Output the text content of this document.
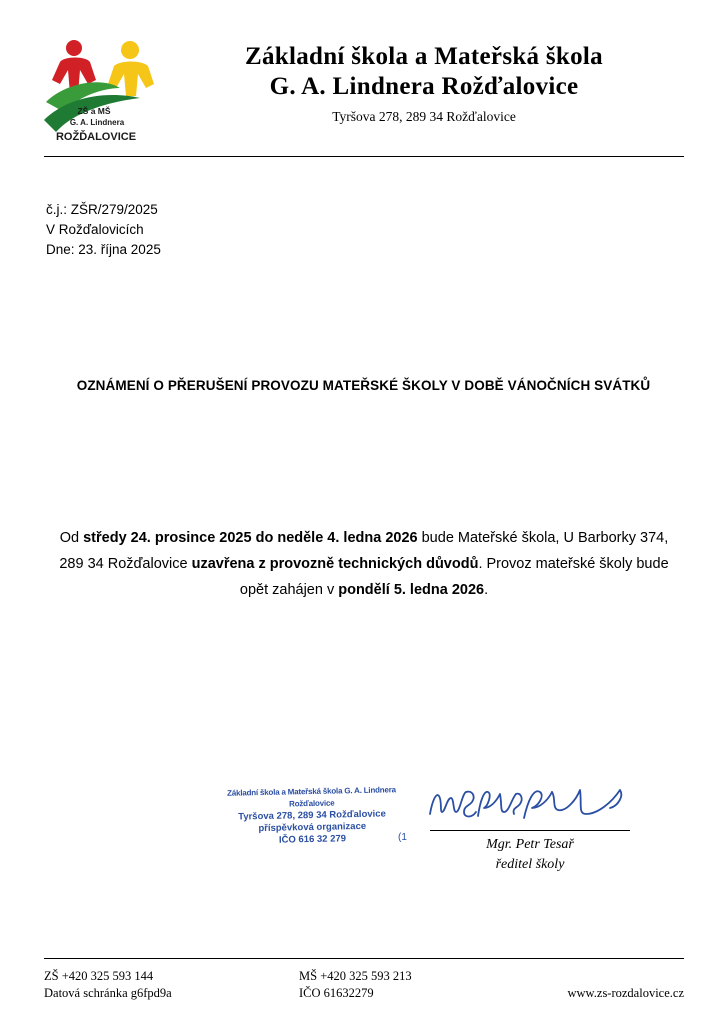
ZŠ a MŠ
G. A. Lindnera
ROŽĎALOVICE
Základní škola a Mateřská škola
G. A. Lindnera Rožďalovice
Tyršova 278, 289 34 Rožďalovice
č.j.: ZŠR/279/2025
V Rožďalovicích
Dne: 23. října 2025
OZNÁMENÍ O PŘERUŠENÍ PROVOZU MATEŘSKÉ ŠKOLY V DOBĚ VÁNOČNÍCH SVÁTKŮ

Od středy 24. prosince 2025 do neděle 4. ledna 2026 bude Mateřské škola, U Barborky 374, 289 34 Rožďalovice uzavřena z provozně technických důvodů. Provoz mateřské školy bude opět zahájen v pondělí 5. ledna 2026.

Základní škola a Mateřská škola G. A. Lindnera Rožďalovice
Tyršova 278, 289 34 Rožďalovice
příspěvková organizace
IČO 616 32 279	(1	Mgr. Petr Tesař
ředitel školy
ZŠ +420 325 593 144	MŠ +420 325 593 213
Datová schránka g6fpd9a	IČO 61632279	www.zs-rozdalovice.cz
